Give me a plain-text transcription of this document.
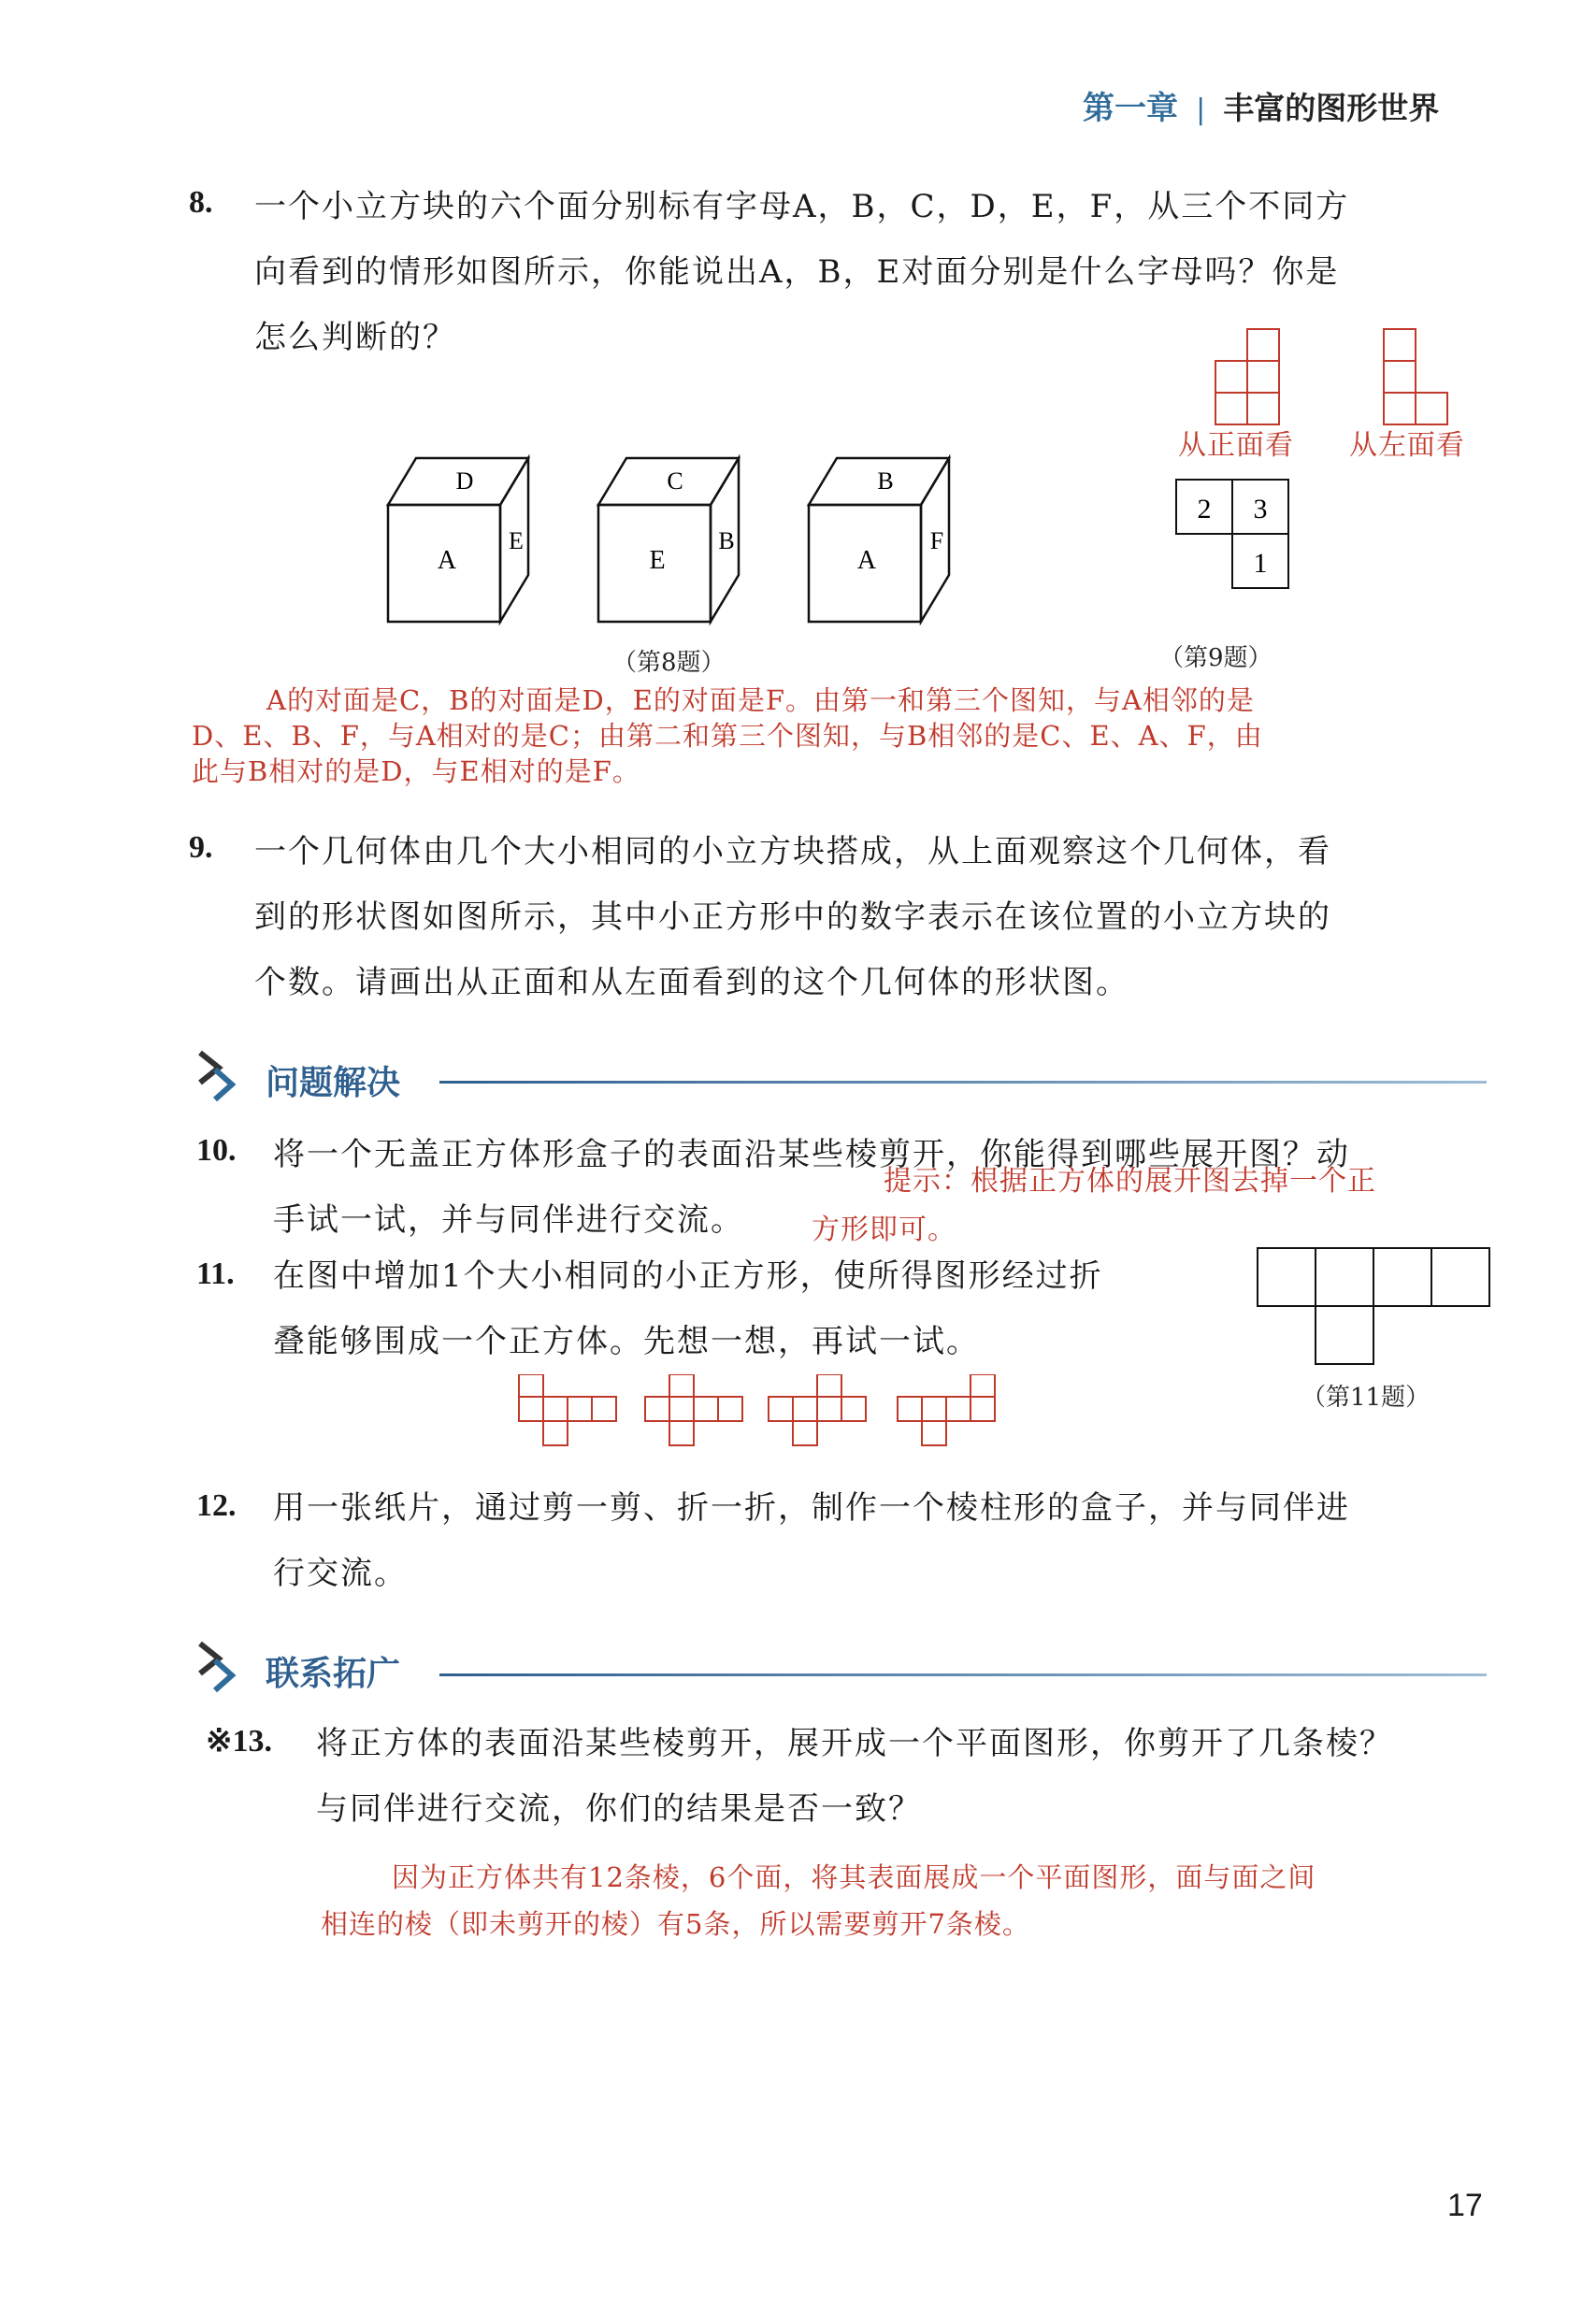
第一章 | 丰富的图形世界
8. 一个小立方块的六个面分别标有字母A，B，C，D，E，F，从三个不同方
向看到的情形如图所示，你能说出A，B，E对面分别是什么字母吗？你是
怎么判断的？
D
A
E
C
E
B
B
A
F
（第8题）
从正面看 从左面看
2 3
1
（第9题）
A的对面是C，B的对面是D，E的对面是F。由第一和第三个图知，与A相邻的是
D、E、B、F，与A相对的是C；由第二和第三个图知，与B相邻的是C、E、A、F，由
此与B相对的是D，与E相对的是F。
9. 一个几何体由几个大小相同的小立方块搭成，从上面观察这个几何体，看
到的形状图如图所示，其中小正方形中的数字表示在该位置的小立方块的
个数。请画出从正面和从左面看到的这个几何体的形状图。
问题解决
10. 将一个无盖正方体形盒子的表面沿某些棱剪开，你能得到哪些展开图？动
手试一试，并与同伴进行交流。
提示：根据正方体的展开图去掉一个正
方形即可。
11. 在图中增加1个大小相同的小正方形，使所得图形经过折
叠能够围成一个正方体。先想一想，再试一试。
（第11题）
12. 用一张纸片，通过剪一剪、折一折，制作一个棱柱形的盒子，并与同伴进
行交流。
联系拓广
※13. 将正方体的表面沿某些棱剪开，展开成一个平面图形，你剪开了几条棱？
与同伴进行交流，你们的结果是否一致？
因为正方体共有12条棱，6个面，将其表面展成一个平面图形，面与面之间
相连的棱（即未剪开的棱）有5条，所以需要剪开7条棱。
17
